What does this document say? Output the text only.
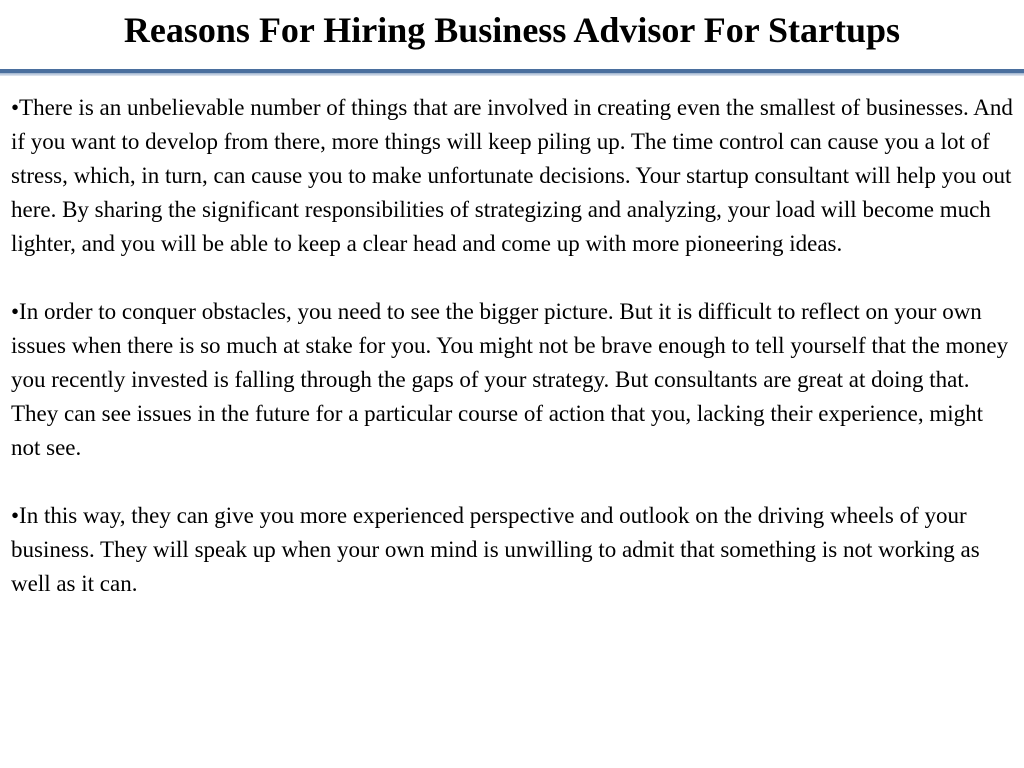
Reasons For Hiring Business Advisor For Startups

•There is an unbelievable number of things that are involved in creating even the smallest of businesses. And if you want to develop from there, more things will keep piling up. The time control can cause you a lot of stress, which, in turn, can cause you to make unfortunate decisions. Your startup consultant will help you out here. By sharing the significant responsibilities of strategizing and analyzing, your load will become much lighter, and you will be able to keep a clear head and come up with more pioneering ideas.

•In order to conquer obstacles, you need to see the bigger picture. But it is difficult to reflect on your own issues when there is so much at stake for you. You might not be brave enough to tell yourself that the money you recently invested is falling through the gaps of your strategy. But consultants are great at doing that. They can see issues in the future for a particular course of action that you, lacking their experience, might not see.

•In this way, they can give you more experienced perspective and outlook on the driving wheels of your business. They will speak up when your own mind is unwilling to admit that something is not working as well as it can.
